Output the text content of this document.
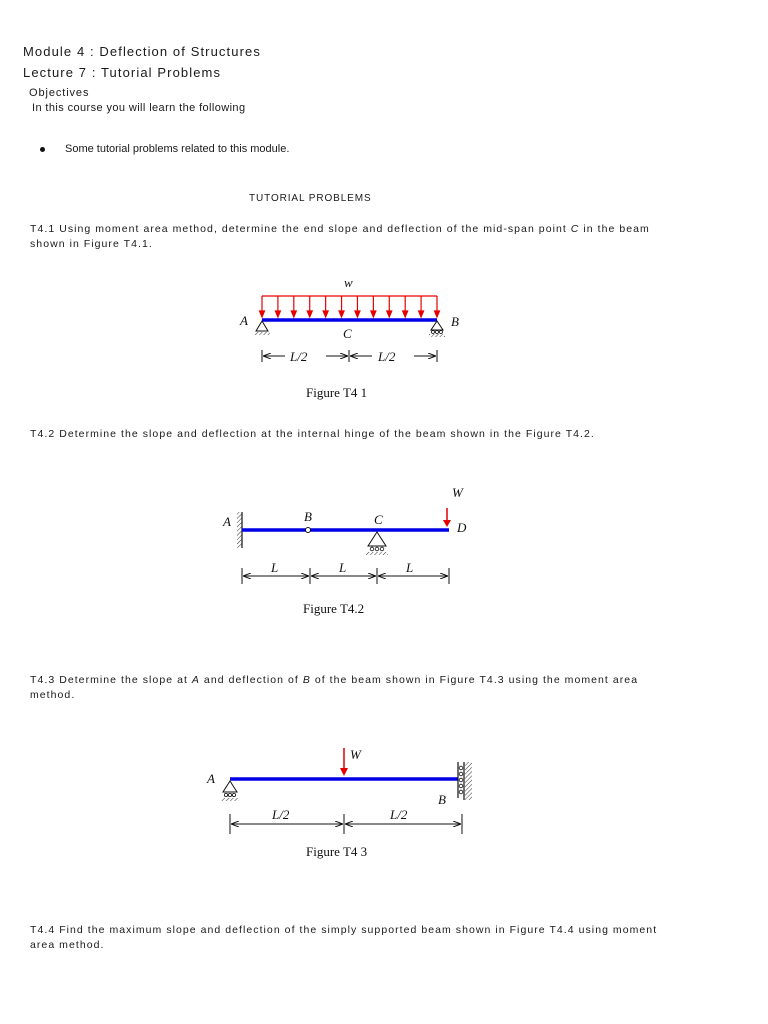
Module 4 : Deflection of Structures
Lecture 7 : Tutorial Problems
Objectives
In this course you will learn the following
Some tutorial problems related to this module.
TUTORIAL PROBLEMS
T4.1 Using moment area method, determine the end slope and deflection of the mid-span point C in the beam shown in Figure T4.1.
T4.2 Determine the slope and deflection at the internal hinge of the beam shown in the Figure T4.2.
T4.3 Determine the slope at A and deflection of B of the beam shown in Figure T4.3 using the moment area method.
T4.4 Find the maximum slope and deflection of the simply supported beam shown in Figure T4.4 using moment area method.
w
A	B
C
L/2	L/2
Figure T4 1
A	B	C
W
D
L	L	L
Figure T4.2
W
A
B
L/2	L/2
Figure T4 3
